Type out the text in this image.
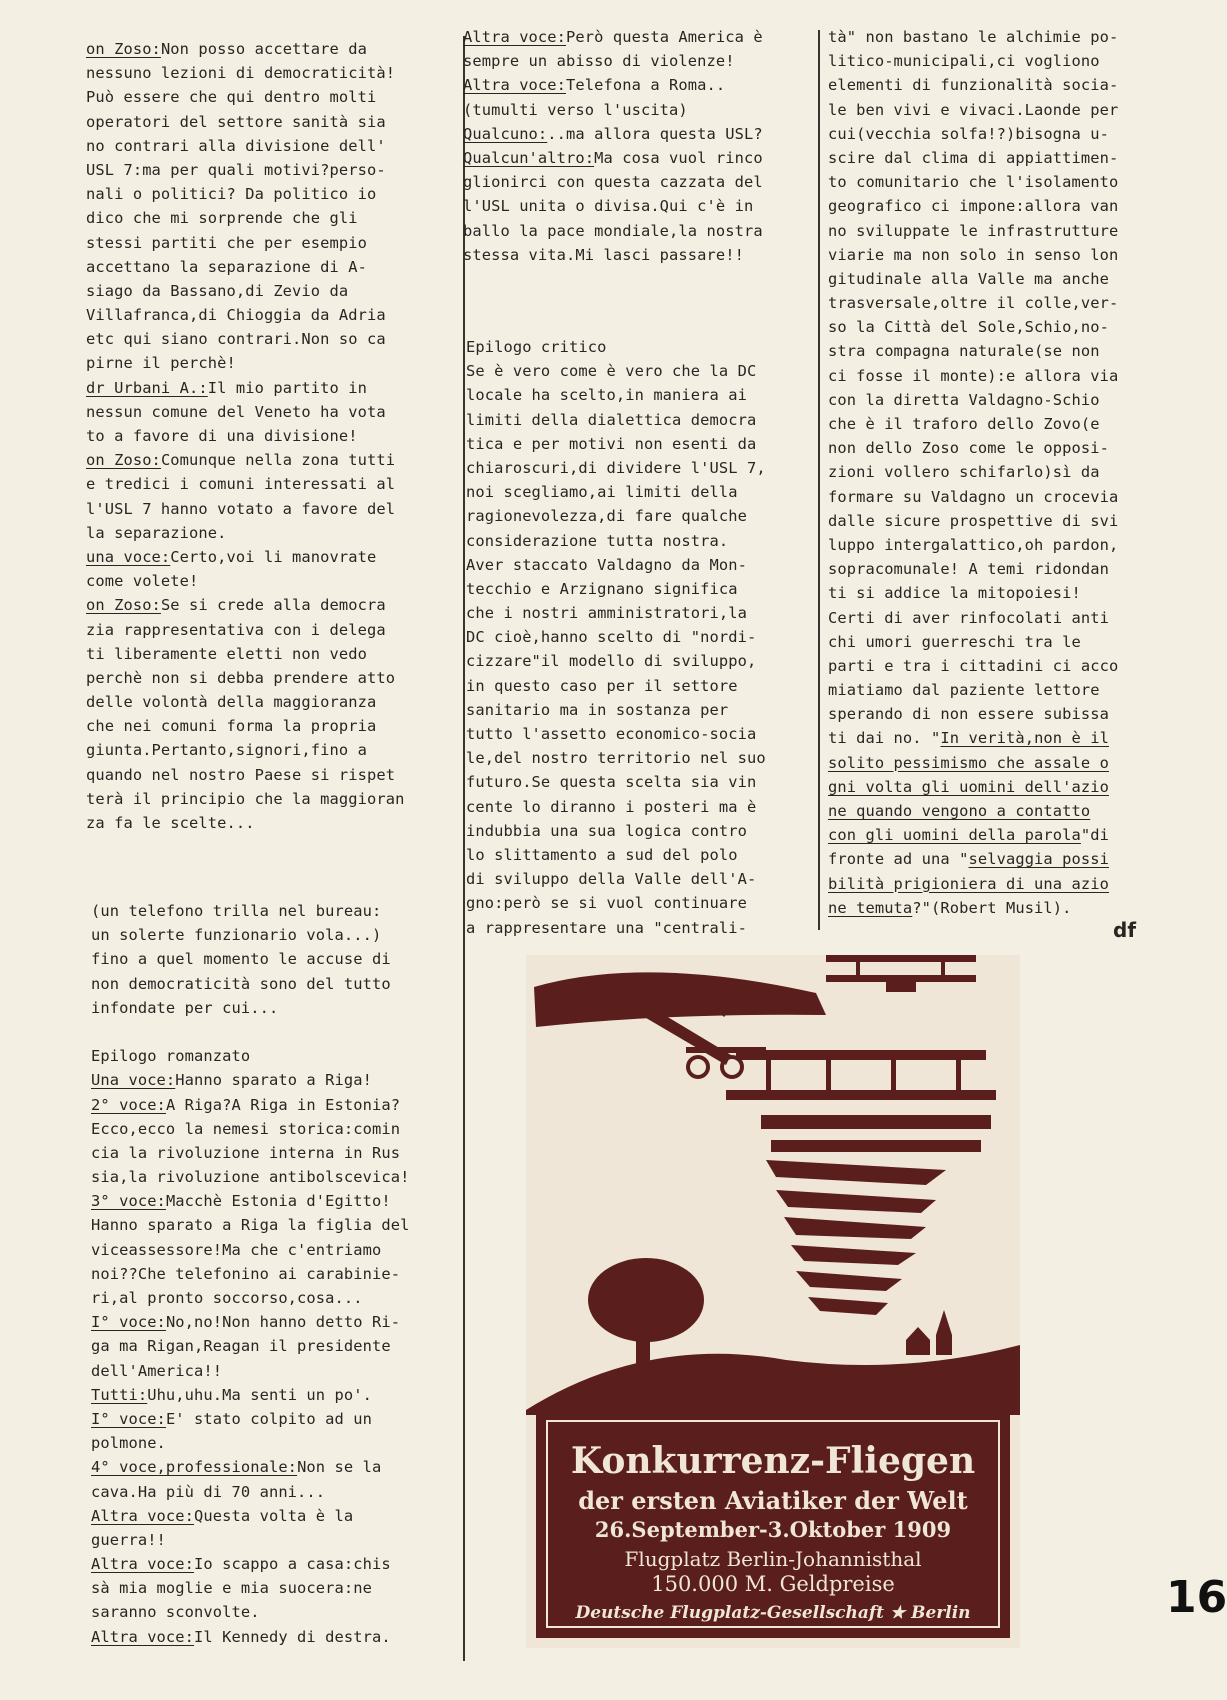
on Zoso:Non posso accettare da
nessuno lezioni di democraticità!
Può essere che qui dentro molti
operatori del settore sanità sia
no contrari alla divisione dell'
USL 7:ma per quali motivi?perso-
nali o politici? Da politico io
dico che mi sorprende che gli
stessi partiti che per esempio
accettano la separazione di A-
siago da Bassano,di Zevio da
Villafranca,di Chioggia da Adria
etc qui siano contrari.Non so ca
pirne il perchè!
dr Urbani A.:Il mio partito in
nessun comune del Veneto ha vota
to a favore di una divisione!
on Zoso:Comunque nella zona tutti
e tredici i comuni interessati al
l'USL 7 hanno votato a favore del
la separazione.
una voce:Certo,voi li manovrate
come volete!
on Zoso:Se si crede alla democra
zia rappresentativa con i delega
ti liberamente eletti non vedo
perchè non si debba prendere atto
delle volontà della maggioranza
che nei comuni forma la propria
giunta.Pertanto,signori,fino a
quando nel nostro Paese si rispet
terà il principio che la maggioran
za fa le scelte...
(un telefono trilla nel bureau:
un solerte funzionario vola...)
fino a quel momento le accuse di
non democraticità sono del tutto
infondate per cui...
Epilogo romanzato
Una voce:Hanno sparato a Riga!
2° voce:A Riga?A Riga in Estonia?
Ecco,ecco la nemesi storica:comin
cia la rivoluzione interna in Rus
sia,la rivoluzione antibolscevica!
3° voce:Macchè Estonia d'Egitto!
Hanno sparato a Riga la figlia del
viceassessore!Ma che c'entriamo
noi??Che telefonino ai carabinie-
ri,al pronto soccorso,cosa...
I° voce:No,no!Non hanno detto Ri-
ga ma Rigan,Reagan il presidente
dell'America!!
Tutti:Uhu,uhu.Ma senti un po'.
I° voce:E' stato colpito ad un
polmone.
4° voce,professionale:Non se la
cava.Ha più di 70 anni...
Altra voce:Questa volta è la
guerra!!
Altra voce:Io scappo a casa:chis
sà mia moglie e mia suocera:ne
saranno sconvolte.
Altra voce:Il Kennedy di destra.
Altra voce:Però questa America è
sempre un abisso di violenze!
Altra voce:Telefona a Roma..
(tumulti verso l'uscita)
Qualcuno:..ma allora questa USL?
Qualcun'altro:Ma cosa vuol rinco
glionirci con questa cazzata del
l'USL unita o divisa.Qui c'è in
ballo la pace mondiale,la nostra
stessa vita.Mi lasci passare!!
Epilogo critico
Se è vero come è vero che la DC
locale ha scelto,in maniera ai
limiti della dialettica democra
tica e per motivi non esenti da
chiaroscuri,di dividere l'USL 7,
noi scegliamo,ai limiti della
ragionevolezza,di fare qualche
considerazione tutta nostra.
Aver staccato Valdagno da Mon-
tecchio e Arzignano significa
che i nostri amministratori,la
DC cioè,hanno scelto di "nordi-
cizzare"il modello di sviluppo,
in questo caso per il settore
sanitario ma in sostanza per
tutto l'assetto economico-socia
le,del nostro territorio nel suo
futuro.Se questa scelta sia vin
cente lo diranno i posteri ma è
indubbia una sua logica contro
lo slittamento a sud del polo
di sviluppo della Valle dell'A-
gno:però se si vuol continuare
a rappresentare una "centrali-
tà" non bastano le alchimie po-
litico-municipali,ci vogliono
elementi di funzionalità socia-
le ben vivi e vivaci.Laonde per
cui(vecchia solfa!?)bisogna u-
scire dal clima di appiattimen-
to comunitario che l'isolamento
geografico ci impone:allora van
no sviluppate le infrastrutture
viarie ma non solo in senso lon
gitudinale alla Valle ma anche
trasversale,oltre il colle,ver-
so la Città del Sole,Schio,no-
stra compagna naturale(se non
ci fosse il monte):e allora via
con la diretta Valdagno-Schio
che è il traforo dello Zovo(e
non dello Zoso come le opposi-
zioni vollero schifarlo)sì da
formare su Valdagno un crocevia
dalle sicure prospettive di svi
luppo intergalattico,oh pardon,
sopracomunale! A temi ridondan
ti si addice la mitopoiesi!
Certi di aver rinfocolati anti
chi umori guerreschi tra le
parti e tra i cittadini ci acco
miatiamo dal paziente lettore
sperando di non essere subissa
ti dai no. "In verità,non è il
solito pessimismo che assale o
gni volta gli uomini dell'azio
ne quando vengono a contatto
con gli uomini della parola"di
fronte ad una "selvaggia possi
bilità prigioniera di una azio
ne temuta?"(Robert Musil).
df
Konkurrenz-Fliegen
der ersten Aviatiker der Welt
26.September-3.Oktober 1909
Flugplatz Berlin-Johannisthal
150.000 M. Geldpreise
Deutsche Flugplatz-Gesellschaft ★ Berlin	16
